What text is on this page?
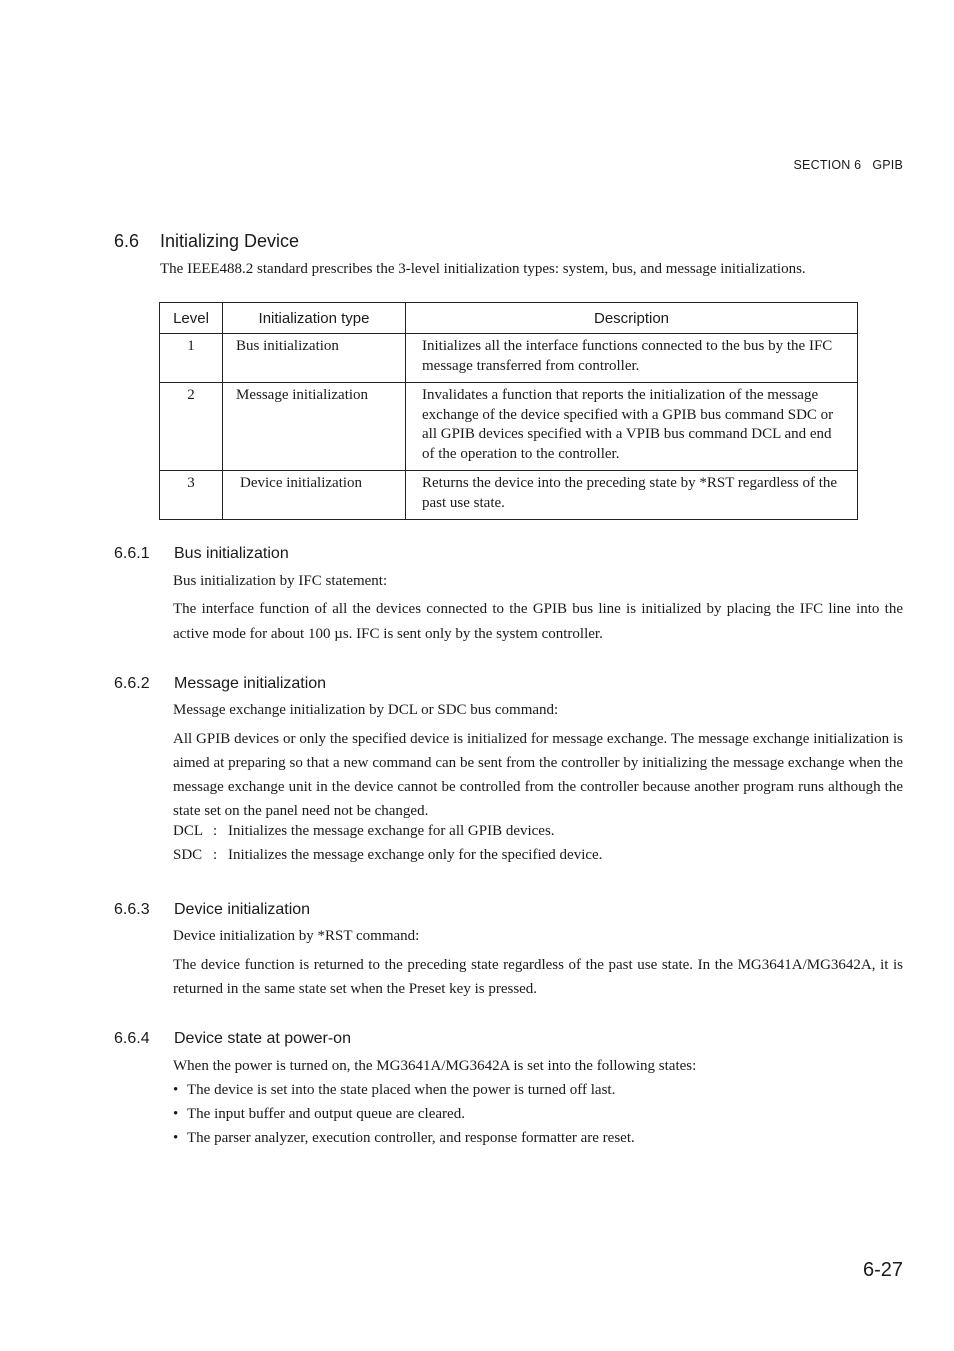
SECTION 6   GPIB
6.6 Initializing Device
The IEEE488.2 standard prescribes the 3-level initialization types: system, bus, and message initializations.
Level	Initialization type	Description
1	Bus initialization	Initializes all the interface functions connected to the bus by the IFC message transferred from controller.
2	Message initialization	Invalidates a function that reports the initialization of the message exchange of the device specified with a GPIB bus command SDC or all GPIB devices specified with a VPIB bus command DCL and end of the operation to the controller.
3	Device initialization	Returns the device into the preceding state by *RST regardless of the past use state.
6.6.1 Bus initialization
Bus initialization by IFC statement:
The interface function of all the devices connected to the GPIB bus line is initialized by placing the IFC line into the active mode for about 100 µs. IFC is sent only by the system controller.
6.6.2 Message initialization
Message exchange initialization by DCL or SDC bus command:
All GPIB devices or only the specified device is initialized for message exchange. The message exchange initialization is aimed at preparing so that a new command can be sent from the controller by initializing the message exchange when the message exchange unit in the device cannot be controlled from the controller because another program runs although the state set on the panel need not be changed.
DCL : Initializes the message exchange for all GPIB devices.
SDC : Initializes the message exchange only for the specified device.
6.6.3 Device initialization
Device initialization by *RST command:
The device function is returned to the preceding state regardless of the past use state. In the MG3641A/MG3642A, it is returned in the same state set when the Preset key is pressed.
6.6.4 Device state at power-on
When the power is turned on, the MG3641A/MG3642A is set into the following states:
• The device is set into the state placed when the power is turned off last.
• The input buffer and output queue are cleared.
• The parser analyzer, execution controller, and response formatter are reset.
6-27
